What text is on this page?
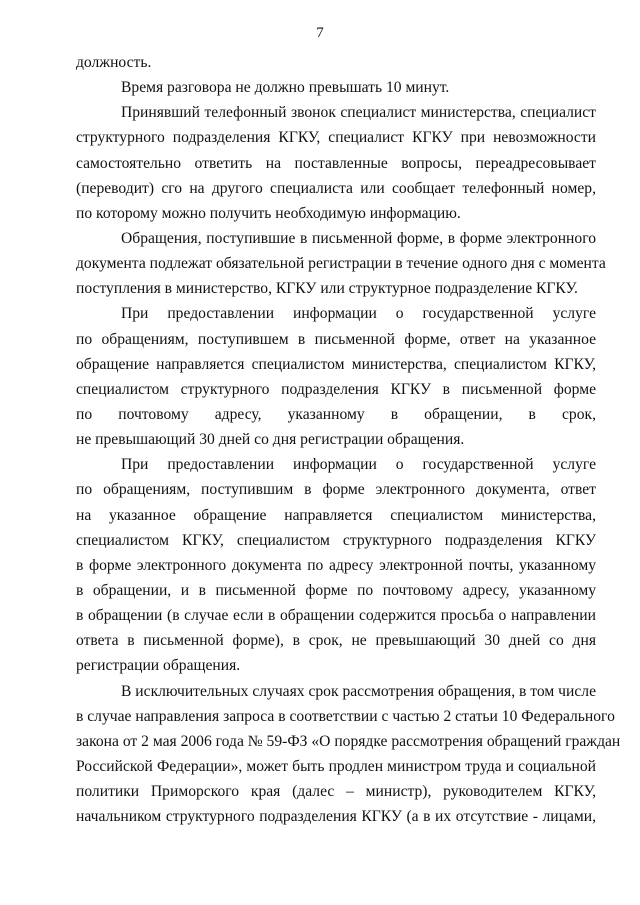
7
должность.
Время разговора не должно превышать 10 минут.
Принявший телефонный звонок специалист министерства, специалист
структурного подразделения КГКУ, специалист КГКУ при невозможности
самостоятельно ответить на поставленные вопросы, переадресовывает
(переводит) сго на другого специалиста или сообщает телефонный номер,
по которому можно получить необходимую информацию.
Обращения, поступившие в письменной форме, в форме электронного
документа подлежат обязательной регистрации в течение одного дня с момента
поступления в министерство, КГКУ или структурное подразделение КГКУ.
При предоставлении информации о государственной услуге
по обращениям, поступившем в письменной форме, ответ на указанное
обращение направляется специалистом министерства, специалистом КГКУ,
специалистом структурного подразделения КГКУ в письменной форме
по почтовому адресу, указанному в обращении, в срок,
не превышающий 30 дней со дня регистрации обращения.
При предоставлении информации о государственной услуге
по обращениям, поступившим в форме электронного документа, ответ
на указанное обращение направляется специалистом министерства,
специалистом КГКУ, специалистом структурного подразделения КГКУ
в форме электронного документа по адресу электронной почты, указанному
в обращении, и в письменной форме по почтовому адресу, указанному
в обращении (в случае если в обращении содержится просьба о направлении
ответа в письменной форме), в срок, не превышающий 30 дней со дня
регистрации обращения.
В исключительных случаях срок рассмотрения обращения, в том числе
в случае направления запроса в соответствии с частью 2 статьи 10 Федерального
закона от 2 мая 2006 года № 59-ФЗ «О порядке рассмотрения обращений граждан
Российской Федерации», может быть продлен министром труда и социальной
политики Приморского края (далес – министр), руководителем КГКУ,
начальником структурного подразделения КГКУ (а в их отсутствие - лицами,
